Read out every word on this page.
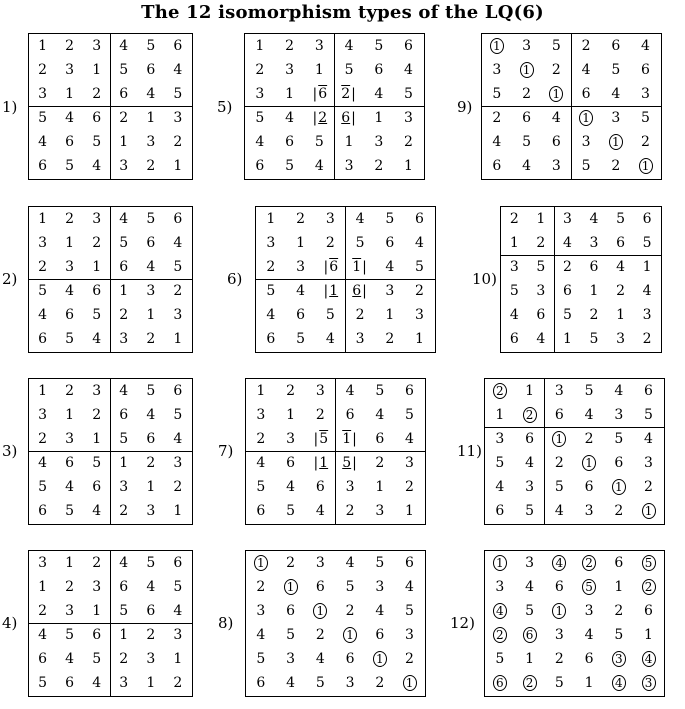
The 12 isomorphism types of the LQ(6)
1)
1 2 3 4 5 6
2 3 1 5 6 4
3 1 2 6 4 5
5 4 6 2 1 3
4 6 5 1 3 2
6 5 4 3 2 1
2)
1 2 3 4 5 6
3 1 2 5 6 4
2 3 1 6 4 5
5 4 6 1 3 2
4 6 5 2 1 3
6 5 4 3 2 1
3)
1 2 3 4 5 6
3 1 2 6 4 5
2 3 1 5 6 4
4 6 5 1 2 3
5 4 6 3 1 2
6 5 4 2 3 1
4)
3 1 2 4 5 6
1 2 3 6 4 5
2 3 1 5 6 4
4 5 6 1 2 3
6 4 5 2 3 1
5 6 4 3 1 2
5)
1 2 3 4 5 6
2 3 1 5 6 4
3 1 | 6 2 | 4 5
5 4 | 2 6 | 1 3
4 6 5 1 3 2
6 5 4 3 2 1
6)
1 2 3 4 5 6
3 1 2 5 6 4
2 3 | 6 1 | 4 5
5 4 | 1 6 | 3 2
4 6 5 2 1 3
6 5 4 3 2 1
7)
1 2 3 4 5 6
3 1 2 6 4 5
2 3 | 5 1 | 6 4
4 6 | 1 5 | 2 3
5 4 6 3 1 2
6 5 4 2 3 1
8)
1 2 3 4 5 6
2 1 6 5 3 4
3 6 1 2 4 5
4 5 2 1 6 3
5 3 4 6 1 2
6 4 5 3 2 1
9)
1 3 5 2 6 4
3 1 2 4 5 6
5 2 1 6 4 3
2 6 4 1 3 5
4 5 6 3 1 2
6 4 3 5 2 1
10)
2 1 3 4 5 6
1 2 4 3 6 5
3 5 2 6 4 1
5 3 6 1 2 4
4 6 5 2 1 3
6 4 1 5 3 2
11)
2 1 3 5 4 6
1 2 6 4 3 5
3 6 1 2 5 4
5 4 2 1 6 3
4 3 5 6 1 2
6 5 4 3 2 1
12)
1 3 4 2 6 5
3 4 6 5 1 2
4 5 1 3 2 6
2 6 3 4 5 1
5 1 2 6 3 4
6 2 5 1 4 3
